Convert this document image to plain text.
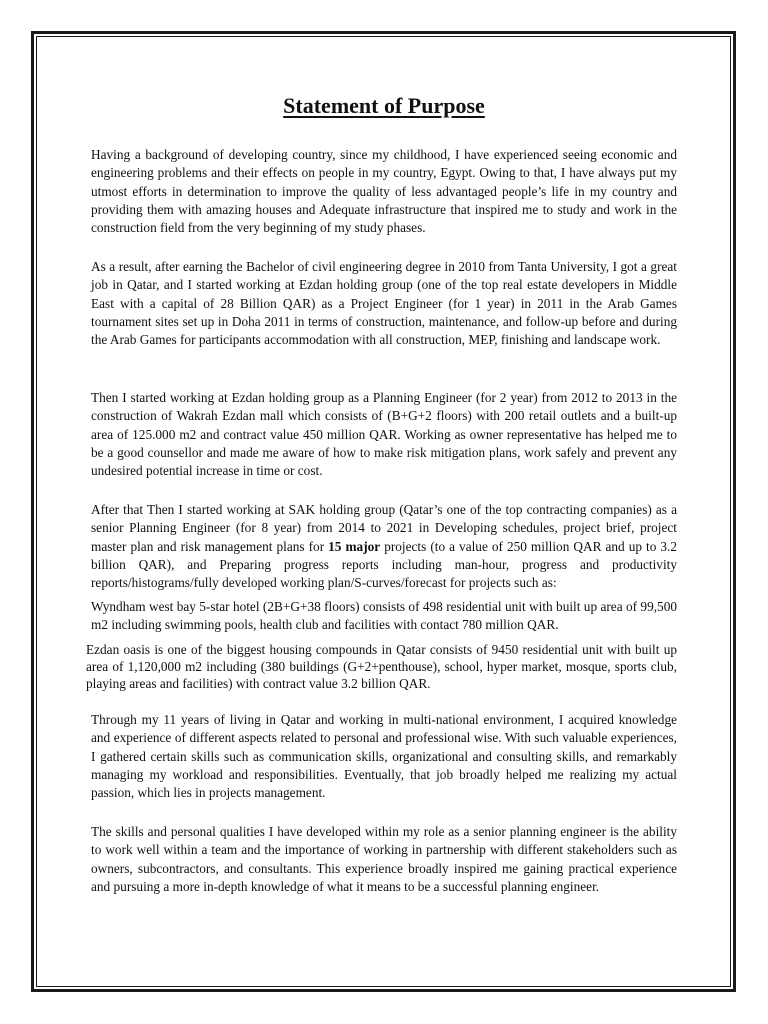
Statement of Purpose

Having a background of developing country, since my childhood, I have experienced seeing economic and engineering problems and their effects on people in my country, Egypt. Owing to that, I have always put my utmost efforts in determination to improve the quality of less advantaged people’s life in my country and providing them with amazing houses and Adequate infrastructure that inspired me to study and work in the construction field from the very beginning of my study phases.

As a result, after earning the Bachelor of civil engineering degree in 2010 from Tanta University, I got a great job in Qatar, and I started working at Ezdan holding group (one of the top real estate developers in Middle East with a capital of 28 Billion QAR) as a Project Engineer (for 1 year) in 2011 in the Arab Games tournament sites set up in Doha 2011 in terms of construction, maintenance, and follow-up before and during the Arab Games for participants accommodation with all construction, MEP, finishing and landscape work.

Then I started working at Ezdan holding group as a Planning Engineer (for 2 year) from 2012 to 2013 in the construction of Wakrah Ezdan mall which consists of (B+G+2 floors) with 200 retail outlets and a built-up area of 125.000 m2 and contract value 450 million QAR. Working as owner representative has helped me to be a good counsellor and made me aware of how to make risk mitigation plans, work safely and prevent any undesired potential increase in time or cost.

After that Then I started working at SAK holding group (Qatar’s one of the top contracting companies) as a senior Planning Engineer (for 8 year) from 2014 to 2021 in Developing schedules, project brief, project master plan and risk management plans for 15 major projects (to a value of 250 million QAR and up to 3.2 billion QAR), and Preparing progress reports including man-hour, progress and productivity reports/histograms/fully developed working plan/S-curves/forecast for projects such as:

Wyndham west bay 5-star hotel (2B+G+38 floors) consists of 498 residential unit with built up area of 99,500 m2 including swimming pools, health club and facilities with contact 780 million QAR.

Ezdan oasis is one of the biggest housing compounds in Qatar consists of 9450 residential unit with built up area of 1,120,000 m2 including (380 buildings (G+2+penthouse), school, hyper market, mosque, sports club, playing areas and facilities) with contract value 3.2 billion QAR.

Through my 11 years of living in Qatar and working in multi-national environment, I acquired knowledge and experience of different aspects related to personal and professional wise. With such valuable experiences, I gathered certain skills such as communication skills, organizational and consulting skills, and remarkably managing my workload and responsibilities. Eventually, that job broadly helped me realizing my actual passion, which lies in projects management.

The skills and personal qualities I have developed within my role as a senior planning engineer is the ability to work well within a team and the importance of working in partnership with different stakeholders such as owners, subcontractors, and consultants. This experience broadly inspired me gaining practical experience and pursuing a more in-depth knowledge of what it means to be a successful planning engineer.
